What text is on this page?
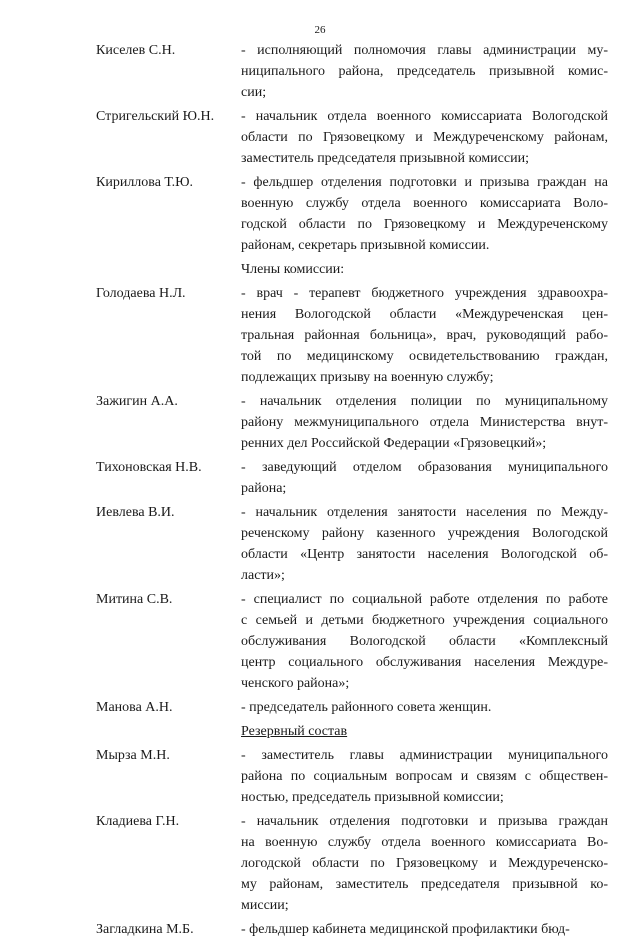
26
Киселев С.Н.	- исполняющий полномочия главы администрации му-
ниципального района, председатель призывной комис-
сии;
Стригельский Ю.Н.	- начальник отдела военного комиссариата Вологодской
области по Грязовецкому и Междуреченскому районам,
заместитель председателя призывной комиссии;
Кириллова Т.Ю.	- фельдшер отделения подготовки и призыва граждан на
военную службу отдела военного комиссариата Воло-
годской области по Грязовецкому и Междуреченскому
районам, секретарь призывной комиссии.
Члены комиссии:
Голодаева Н.Л.	- врач - терапевт бюджетного учреждения здравоохра-
нения Вологодской области «Междуреченская цен-
тральная районная больница», врач, руководящий рабо-
той по медицинскому освидетельствованию граждан,
подлежащих призыву на военную службу;
Зажигин А.А.	- начальник отделения полиции по муниципальному
району межмуниципального отдела Министерства внут-
ренних дел Российской Федерации «Грязовецкий»;
Тихоновская Н.В.	- заведующий отделом образования муниципального
района;
Иевлева В.И.	- начальник отделения занятости населения по Между-
реченскому району казенного учреждения Вологодской
области «Центр занятости населения Вологодской об-
ласти»;
Митина С.В.	- специалист по социальной работе отделения по работе
с семьей и детьми бюджетного учреждения социального
обслуживания Вологодской области «Комплексный
центр социального обслуживания населения Междуре-
ченского района»;
Манова А.Н.	- председатель районного совета женщин.
Резервный состав
Мырза М.Н.	- заместитель главы администрации муниципального
района по социальным вопросам и связям с обществен-
ностью, председатель призывной комиссии;
Кладиева Г.Н.	- начальник отделения подготовки и призыва граждан
на военную службу отдела военного комиссариата Во-
логодской области по Грязовецкому и Междуреченско-
му районам, заместитель председателя призывной ко-
миссии;
Загладкина М.Б.	- фельдшер кабинета медицинской профилактики бюд-
